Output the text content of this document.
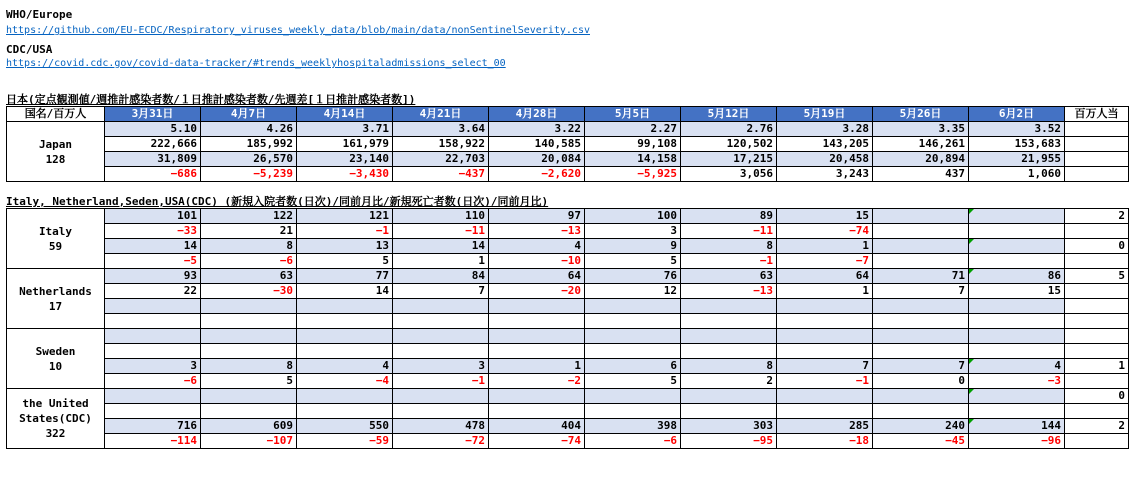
WHO/Europe
https://github.com/EU-ECDC/Respiratory_viruses_weekly_data/blob/main/data/nonSentinelSeverity.csv
CDC/USA
https://covid.cdc.gov/covid-data-tracker/#trends_weeklyhospitaladmissions_select_00
日本(定点観測値/週推計感染者数/１日推計感染者数/先週差[１日推計感染者数])
国名/百万人	3月31日	4月7日	4月14日	4月21日	4月28日	5月5日	5月12日	5月19日	5月26日	6月2日	百万人当

Japan
128	5.10	4.26	3.71	3.64	3.22	2.27	2.76	3.28	3.35	3.52	
	222,666	185,992	161,979	158,922	140,585	99,108	120,502	143,205	146,261	153,683	
	31,809	26,570	23,140	22,703	20,084	14,158	17,215	20,458	20,894	21,955	
	−686	−5,239	−3,430	−437	−2,620	−5,925	3,056	3,243	437	1,060	
Italy, Netherland,Seden,USA(CDC) (新規入院者数(日次)/同前月比/新規死亡者数(日次)/同前月比)
Italy
59	101	122	121	110	97	100	89	15			2
	−33	21	−1	−11	−13	3	−11	−74			
	14	8	13	14	4	9	8	1			0
	−5	−6	5	1	−10	5	−1	−7			

Netherlands
17	93	63	77	84	64	76	63	64	71	86	5
	22	−30	14	7	−20	12	−13	1	7	15	

Sweden
10											

	3	8	4	3	1	6	8	7	7	4	1
	−6	5	−4	−1	−2	5	2	−1	0	−3	

the United States(CDC)
322											0

	716	609	550	478	404	398	303	285	240	144	2
	−114	−107	−59	−72	−74	−6	−95	−18	−45	−96	
